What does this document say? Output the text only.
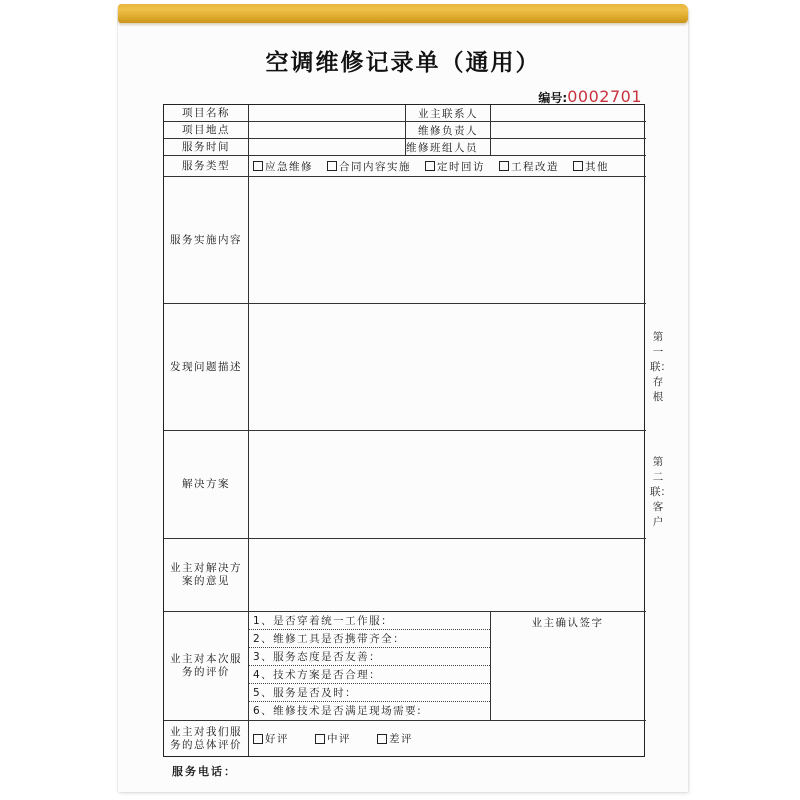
空调维修记录单（通用）
编号: 0002701
项目名称	业主联系人
项目地点	维修负责人
服务时间	维修班组人员
服务类型	应急维修 合同内容实施 定时回访 工程改造 其他
服务实施内容
发现问题描述
解决方案
业主对解决方案的意见
业主对本次服务的评价
1、是否穿着统一工作服：
2、维修工具是否携带齐全：
3、服务态度是否友善：
4、技术方案是否合理：
5、服务是否及时：
6、维修技术是否满足现场需要:
业主确认签字
业主对我们服务的总体评价 好评	中评	差评
第一联：存根
第二联：客户
服务电话：
